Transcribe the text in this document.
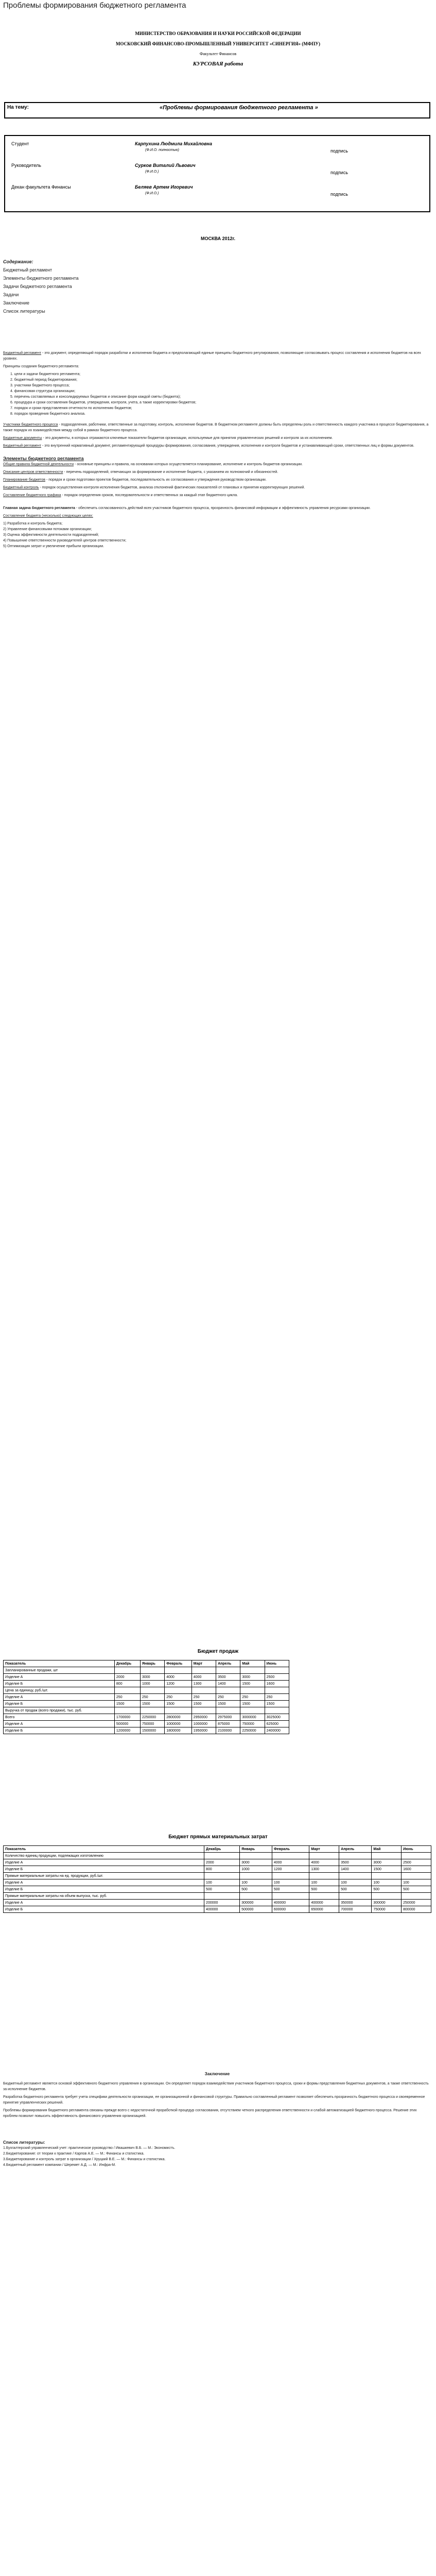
Проблемы формирования бюджетного регламента
МИНИСТЕРСТВО ОБРАЗОВАНИЯ И НАУКИ РОССИЙСКОЙ ФЕДЕРАЦИИ
МОСКОВСКИЙ ФИНАНСОВО-ПРОМЫШЛЕННЫЙ УНИВЕРСИТЕТ «СИНЕРГИЯ» (МФПУ)
Факультет Финансов
КУРСОВАЯ работа
На тему:	«Проблемы формирования бюджетного регламента »
Студент	Карпухина Людмила Михайловна
(Ф.И.О. полностью)	подпись
Руководитель	Сурков Виталий Львович
(Ф.И.О.)	подпись
Декан факультета Финансы	Беляев Артем Игоревич
(Ф.И.О.)	подпись
МОСКВА 2012г.
Содержание:
Бюджетный регламент
Элементы бюджетного регламента
Задачи бюджетного регламента
Задачи
Заключение
Список литературы

Бюджетный регламент - это документ, определяющий порядок разработки и исполнения бюджета и предполагающий единые принципы бюджетного регулирования, позволяющие согласовывать процесс составления и исполнения бюджетов на всех уровнях.

Принципы создания бюджетного регламента:

1. цели и задачи бюджетного регламента;
2. бюджетный период бюджетирования;
3. участники бюджетного процесса;
4. финансовая структура организации;
5. перечень составляемых и консолидируемых бюджетов и описание форм каждой сметы (бюджета);
6. процедура и сроки составления бюджетов, утверждения, контроля, учета, а также корректировки бюджетов;
7. порядок и сроки представления отчетности по исполнению бюджетов;
8. порядок проведения бюджетного анализа.

Участники бюджетного процесса - подразделения, работники, ответственные за подготовку, контроль, исполнение бюджетов. В бюджетном регламенте должны быть определены роль и ответственность каждого участника в процессе бюджетирования, а также порядок их взаимодействия между собой в рамках бюджетного процесса.

Бюджетные документы - это документы, в которых отражаются ключевые показатели бюджетов организации, используемые для принятия управленческих решений и контроля за их исполнением.

Бюджетный регламент - это внутренний нормативный документ, регламентирующий процедуры формирования, согласования, утверждения, исполнения и контроля бюджетов и устанавливающий сроки, ответственных лиц и формы документов.

Элементы бюджетного регламента

Общие правила бюджетной деятельности - основные принципы и правила, на основании которых осуществляется планирование, исполнение и контроль бюджетов организации.

Описание центров ответственности - перечень подразделений, отвечающих за формирование и исполнение бюджета, с указанием их полномочий и обязанностей.

Планирование бюджетов - порядок и сроки подготовки проектов бюджетов, последовательность их согласования и утверждения руководством организации.

Бюджетный контроль - порядок осуществления контроля исполнения бюджетов, анализа отклонений фактических показателей от плановых и принятия корректирующих решений.

Составление бюджетного графика - порядок определения сроков, последовательности и ответственных за каждый этап бюджетного цикла.

Главная задача бюджетного регламента - обеспечить согласованность действий всех участников бюджетного процесса, прозрачность финансовой информации и эффективность управления ресурсами организации.

Составление бюджета (несколько) следующих целях:

1) Разработка и контроль бюджета;
2) Управление финансовыми потоками организации;
3) Оценка эффективности деятельности подразделений;
4) Повышение ответственности руководителей центров ответственности;
5) Оптимизация затрат и увеличение прибыли организации.
Бюджет продаж
Показатель	Декабрь	Январь	Февраль	Март	Апрель	Май	Июнь
Запланированные продажи, шт							
Изделие А	2000	3000	4000	4000	3500	3000	2500
Изделие Б	800	1000	1200	1300	1400	1500	1600
Цена за единицу, руб./шт.							
Изделие А	250	250	250	250	250	250	250
Изделие Б	1500	1500	1500	1500	1500	1500	1500
Выручка от продаж (всего продажи), тыс. руб.							
Всего	1700000	2250000	2800000	2950000	2975000	3000000	3025000
Изделие А	500000	750000	1000000	1000000	875000	750000	625000
Изделие Б	1200000	1500000	1800000	1950000	2100000	2250000	2400000
Бюджет прямых материальных затрат
Показатель	Декабрь	Январь	Февраль	Март	Апрель	Май	Июнь
Количество единиц продукции, подлежащих изготовлению							
Изделие А	2000	3000	4000	4000	3500	3000	2500
Изделие Б	800	1000	1200	1300	1400	1500	1600
Прямые материальные затраты на ед. продукции, руб./шт.							
Изделие А	100	100	100	100	100	100	100
Изделие Б	500	500	500	500	500	500	500
Прямые материальные затраты на объем выпуска, тыс. руб.							
Изделие А	200000	300000	400000	400000	350000	300000	250000
Изделие Б	400000	500000	600000	650000	700000	750000	800000
Заключение

Бюджетный регламент является основой эффективного бюджетного управления в организации. Он определяет порядок взаимодействия участников бюджетного процесса, сроки и формы представления бюджетных документов, а также ответственность за исполнение бюджетов.

Разработка бюджетного регламента требует учета специфики деятельности организации, ее организационной и финансовой структуры. Правильно составленный регламент позволяет обеспечить прозрачность бюджетного процесса и своевременное принятие управленческих решений.

Проблемы формирования бюджетного регламента связаны прежде всего с недостаточной проработкой процедур согласования, отсутствием четкого распределения ответственности и слабой автоматизацией бюджетного процесса. Решение этих проблем позволит повысить эффективность финансового управления организацией.

Список литературы:
1.Бухгалтерский управленческий учет: практическое руководство / Ивашкевич В.Б. — М.: Экономистъ.
2.Бюджетирование: от теории к практике / Карпов А.Е. — М.: Финансы и статистика.
3.Бюджетирование и контроль затрат в организации / Хруцкий В.Е. — М.: Финансы и статистика.
4.Бюджетный регламент компании / Шеремет А.Д. — М.: Инфра-М.
